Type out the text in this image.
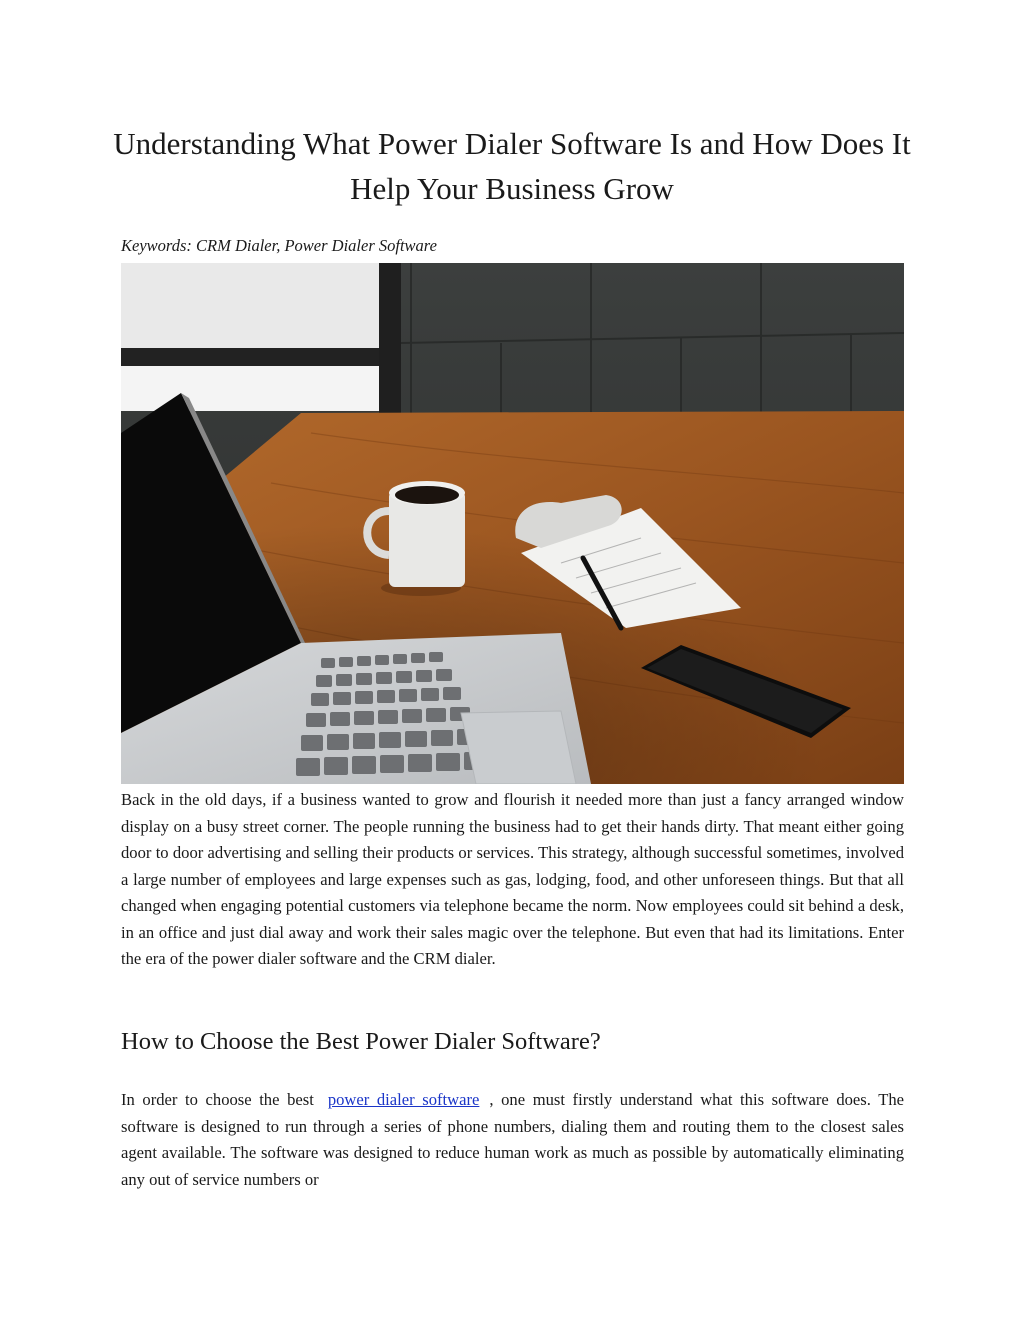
Understanding What Power Dialer Software Is and How Does It Help Your Business Grow
Keywords: CRM Dialer, Power Dialer Software

Back in the old days, if a business wanted to grow and flourish it needed more than just a fancy arranged window display on a busy street corner. The people running the business had to get their hands dirty. That meant either going door to door advertising and selling their products or services. This strategy, although successful sometimes, involved a large number of employees and large expenses such as gas, lodging, food, and other unforeseen things. But that all changed when engaging potential customers via telephone became the norm. Now employees could sit behind a desk, in an office and just dial away and work their sales magic over the telephone. But even that had its limitations. Enter the era of the power dialer software and the CRM dialer.

How to Choose the Best Power Dialer Software?

In order to choose the best power dialer software , one must firstly understand what this software does. The software is designed to run through a series of phone numbers, dialing them and routing them to the closest sales agent available. The software was designed to reduce human work as much as possible by automatically eliminating any out of service numbers or
